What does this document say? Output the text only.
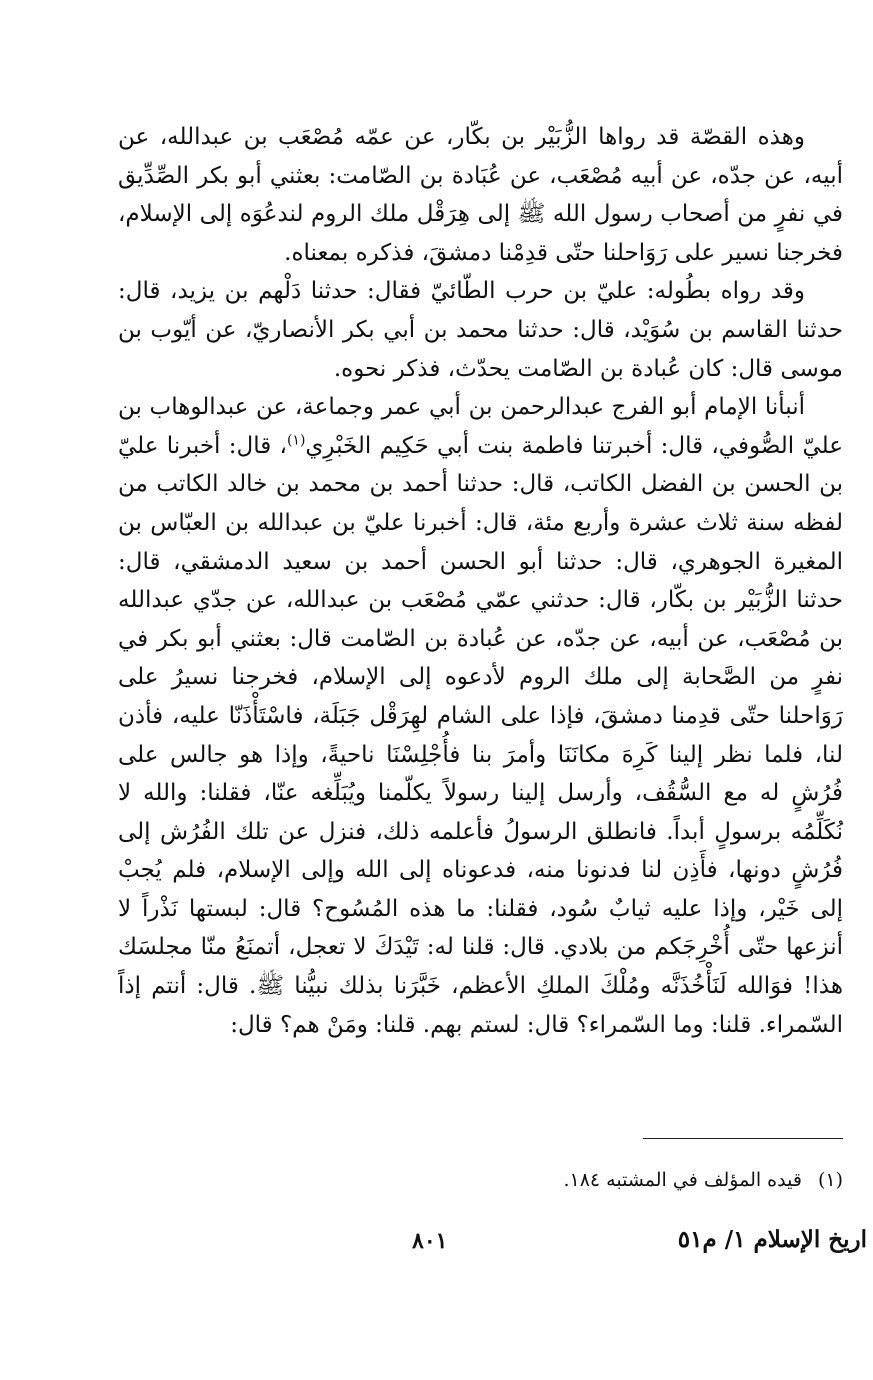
وهذه القصّة قد رواها الزُّبَيْر بن بكّار، عن عمّه مُصْعَب بن عبدالله، عن أبيه، عن جدّه، عن أبيه مُصْعَب، عن عُبَادة بن الصّامت: بعثني أبو بكر الصِّدِّيق في نفرٍ من أصحاب رسول الله ﷺ إلى هِرَقْل ملك الروم لندعُوَه إلى الإسلام، فخرجنا نسير على رَوَاحلنا حتّى قدِمْنا دمشقَ، فذكره بمعناه.

وقد رواه بطُوله: عليّ بن حرب الطّائيّ فقال: حدثنا دَلْهم بن يزيد، قال: حدثنا القاسم بن سُوَيْد، قال: حدثنا محمد بن أبي بكر الأنصاريّ، عن أيّوب بن موسى قال: كان عُبادة بن الصّامت يحدّث، فذكر نحوه.

أنبأنا الإمام أبو الفرج عبدالرحمن بن أبي عمر وجماعة، عن عبدالوهاب بن عليّ الصُّوفي، قال: أخبرتنا فاطمة بنت أبي حَكِيم الخَبْرِي$^{(١)}$، قال: أخبرنا عليّ بن الحسن بن الفضل الكاتب، قال: حدثنا أحمد بن محمد بن خالد الكاتب من لفظه سنة ثلاث عشرة وأربع مئة، قال: أخبرنا عليّ بن عبدالله بن العبّاس بن المغيرة الجوهري، قال: حدثنا أبو الحسن أحمد بن سعيد الدمشقي، قال: حدثنا الزُّبَيْر بن بكّار، قال: حدثني عمّي مُصْعَب بن عبدالله، عن جدّي عبدالله بن مُصْعَب، عن أبيه، عن جدّه، عن عُبادة بن الصّامت قال: بعثني أبو بكر في نفرٍ من الصَّحابة إلى ملك الروم لأدعوه إلى الإسلام، فخرجنا نسيرُ على رَوَاحلنا حتّى قدِمنا دمشقَ، فإذا على الشام لهِرَقْل جَبَلَة، فاسْتَأْذَنّا عليه، فأذن لنا، فلما نظر إلينا كَرِهَ مكانَنَا وأمرَ بنا فأُجْلِسْنَا ناحيةً، وإذا هو جالس على فُرُشٍ له مع السُّقُف، وأرسل إلينا رسولاً يكلّمنا ويُبَلِّغه عنّا، فقلنا: والله لا نُكَلِّمُه برسولٍ أبداً. فانطلق الرسولُ فأعلمه ذلك، فنزل عن تلك الفُرُش إلى فُرُشٍ دونها، فأَذِن لنا فدنونا منه، فدعوناه إلى الله وإلى الإسلام، فلم يُجبْ إلى خَيْر، وإذا عليه ثيابٌ سُود، فقلنا: ما هذه المُسُوح؟ قال: لبستها نَذْراً لا أنزعها حتّى أُخْرِجَكم من بلادي. قال: قلنا له: تَيْدَكَ لا تعجل، أتمنَعُ منّا مجلسَك هذا! فوَالله لَنَأْخُذَنَّه ومُلْكَ الملكِ الأعظم، خَبَّرَنا بذلك نبيُّنا ﷺ. قال: أنتم إذاً السّمراء. قلنا: وما السّمراء؟ قال: لستم بهم. قلنا: ومَنْ هم؟ قال:

(١)قيده المؤلف في المشتبه ١٨٤.
اريخ الإسلام ١/ م٥١
٨٠١
